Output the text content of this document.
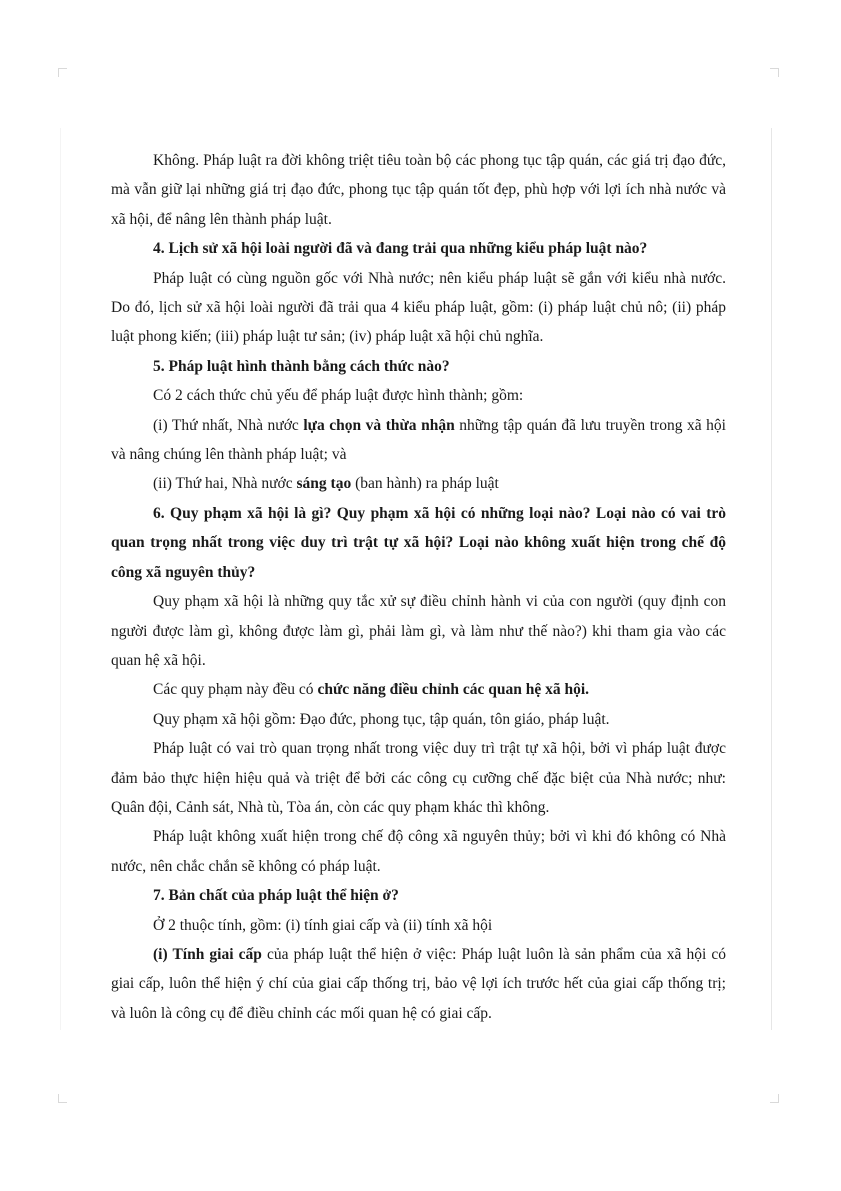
Không. Pháp luật ra đời không triệt tiêu toàn bộ các phong tục tập quán, các giá trị đạo đức, mà vẫn giữ lại những giá trị đạo đức, phong tục tập quán tốt đẹp, phù hợp với lợi ích nhà nước và xã hội, để nâng lên thành pháp luật.

4. Lịch sử xã hội loài người đã và đang trải qua những kiểu pháp luật nào?

Pháp luật có cùng nguồn gốc với Nhà nước; nên kiểu pháp luật sẽ gắn với kiểu nhà nước. Do đó, lịch sử xã hội loài người đã trải qua 4 kiểu pháp luật, gồm: (i) pháp luật chủ nô; (ii) pháp luật phong kiến; (iii) pháp luật tư sản; (iv) pháp luật xã hội chủ nghĩa.

5. Pháp luật hình thành bằng cách thức nào?

Có 2 cách thức chủ yếu để pháp luật được hình thành; gồm:

(i) Thứ nhất, Nhà nước lựa chọn và thừa nhận những tập quán đã lưu truyền trong xã hội và nâng chúng lên thành pháp luật; và

(ii) Thứ hai, Nhà nước sáng tạo (ban hành) ra pháp luật

6. Quy phạm xã hội là gì? Quy phạm xã hội có những loại nào? Loại nào có vai trò quan trọng nhất trong việc duy trì trật tự xã hội? Loại nào không xuất hiện trong chế độ công xã nguyên thủy?

Quy phạm xã hội là những quy tắc xử sự điều chỉnh hành vi của con người (quy định con người được làm gì, không được làm gì, phải làm gì, và làm như thế nào?) khi tham gia vào các quan hệ xã hội.

Các quy phạm này đều có chức năng điều chỉnh các quan hệ xã hội.

Quy phạm xã hội gồm: Đạo đức, phong tục, tập quán, tôn giáo, pháp luật.

Pháp luật có vai trò quan trọng nhất trong việc duy trì trật tự xã hội, bởi vì pháp luật được đảm bảo thực hiện hiệu quả và triệt để bởi các công cụ cưỡng chế đặc biệt của Nhà nước; như: Quân đội, Cảnh sát, Nhà tù, Tòa án, còn các quy phạm khác thì không.

Pháp luật không xuất hiện trong chế độ công xã nguyên thủy; bởi vì khi đó không có Nhà nước, nên chắc chắn sẽ không có pháp luật.

7. Bản chất của pháp luật thể hiện ở?

Ở 2 thuộc tính, gồm: (i) tính giai cấp và (ii) tính xã hội

(i) Tính giai cấp của pháp luật thể hiện ở việc: Pháp luật luôn là sản phẩm của xã hội có giai cấp, luôn thể hiện ý chí của giai cấp thống trị, bảo vệ lợi ích trước hết của giai cấp thống trị; và luôn là công cụ để điều chỉnh các mối quan hệ có giai cấp.
